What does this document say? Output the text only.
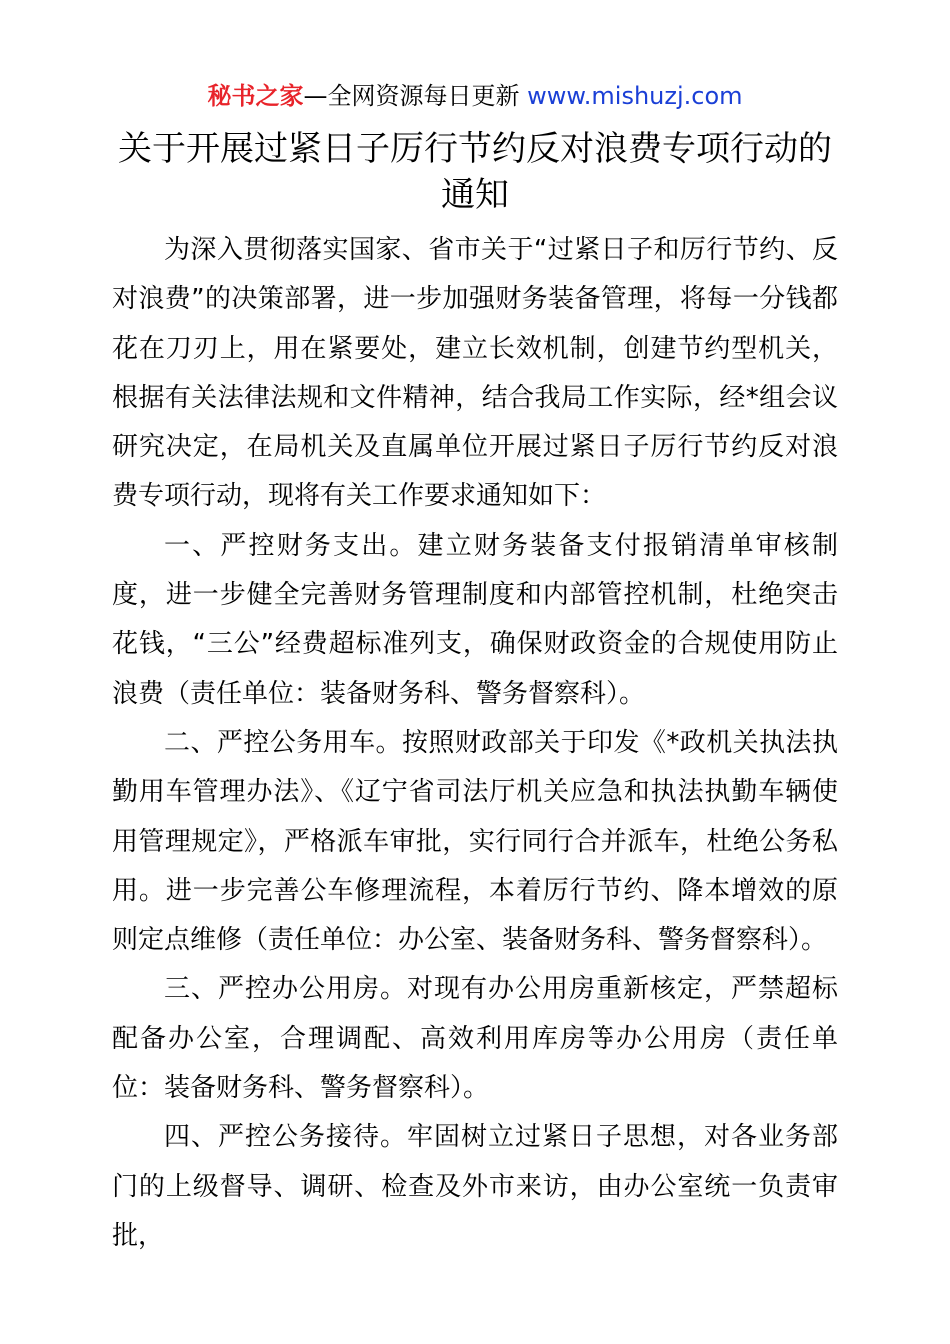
秘书之家—全网资源每日更新 www.mishuzj.com
关于开展过紧日子厉行节约反对浪费专项行动的通知

为深入贯彻落实国家、省市关于“过紧日子和厉行节约、反对浪费”的决策部署，进一步加强财务装备管理，将每一分钱都花在刀刃上，用在紧要处，建立长效机制，创建节约型机关，根据有关法律法规和文件精神，结合我局工作实际，经*组会议研究决定，在局机关及直属单位开展过紧日子厉行节约反对浪费专项行动，现将有关工作要求通知如下：

一、严控财务支出。建立财务装备支付报销清单审核制度，进一步健全完善财务管理制度和内部管控机制，杜绝突击花钱，“三公”经费超标准列支，确保财政资金的合规使用防止浪费（责任单位：装备财务科、警务督察科）。

二、严控公务用车。按照财政部关于印发《*政机关执法执勤用车管理办法》、《辽宁省司法厅机关应急和执法执勤车辆使用管理规定》，严格派车审批，实行同行合并派车，杜绝公务私用。进一步完善公车修理流程，本着厉行节约、降本增效的原则定点维修（责任单位：办公室、装备财务科、警务督察科）。

三、严控办公用房。对现有办公用房重新核定，严禁超标配备办公室，合理调配、高效利用库房等办公用房（责任单位：装备财务科、警务督察科）。

四、严控公务接待。牢固树立过紧日子思想，对各业务部门的上级督导、调研、检查及外市来访，由办公室统一负责审批，
